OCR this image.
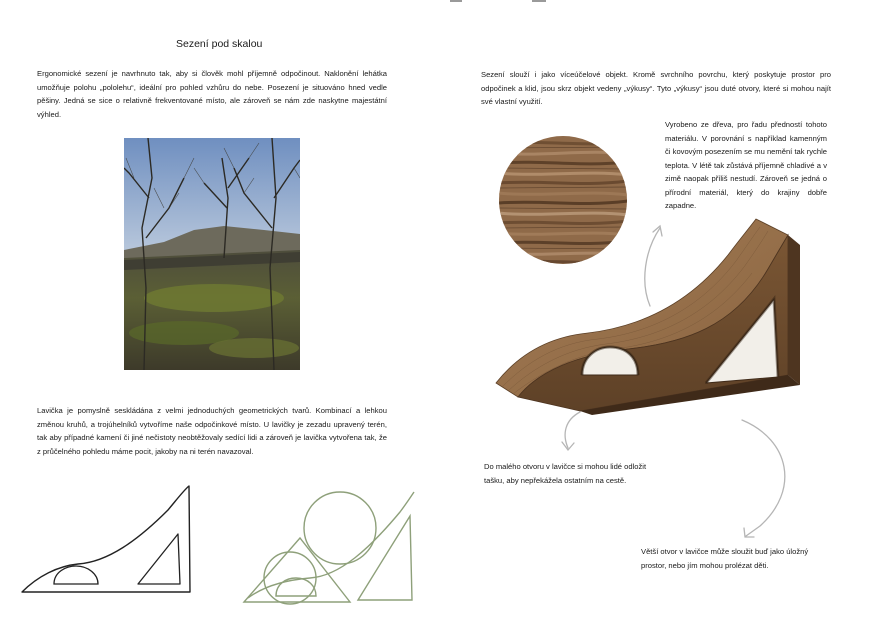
Sezení pod skalou

Ergonomické sezení je navrhnuto tak, aby si člověk mohl příjemně odpočinout. Naklonění lehátka umožňuje polohu „pololehu“, ideální pro pohled vzhůru do nebe. Posezení je situováno hned vedle pěšiny. Jedná se sice o relativně frekventované místo, ale zároveň se nám zde naskytne majestátní výhled.

Lavička je pomyslně seskládána z velmi jednoduchých geometrických tvarů. Kombinací a lehkou změnou kruhů, a trojúhelníků vytvoříme naše odpočinkové místo. U lavičky je zezadu upravený terén, tak aby případné kamení či jiné nečistoty neobtěžovaly sedící lidi a zároveň je lavička vytvořena tak, že z průčelného pohledu máme pocit, jakoby na ni terén navazoval.

Sezení slouží i jako víceúčelové objekt. Kromě svrchního povrchu, který poskytuje prostor pro odpočinek a klid, jsou skrz objekt vedeny „výkusy“. Tyto „výkusy“ jsou duté otvory, které si mohou najít své vlastní využití.

Vyrobeno ze dřeva, pro řadu předností tohoto materiálu. V porovnání s například kamenným či kovovým posezením se mu nemění tak rychle teplota. V létě tak zůstává příjemně chladivé a v zimě naopak příliš nestudí. Zároveň se jedná o přírodní materiál, který do krajiny dobře zapadne.

Do malého otvoru v lavičce si mohou lidé odložit tašku, aby nepřekážela ostatním na cestě.

Větší otvor v lavičce může sloužit buď jako úložný prostor, nebo jím mohou prolézat děti.
